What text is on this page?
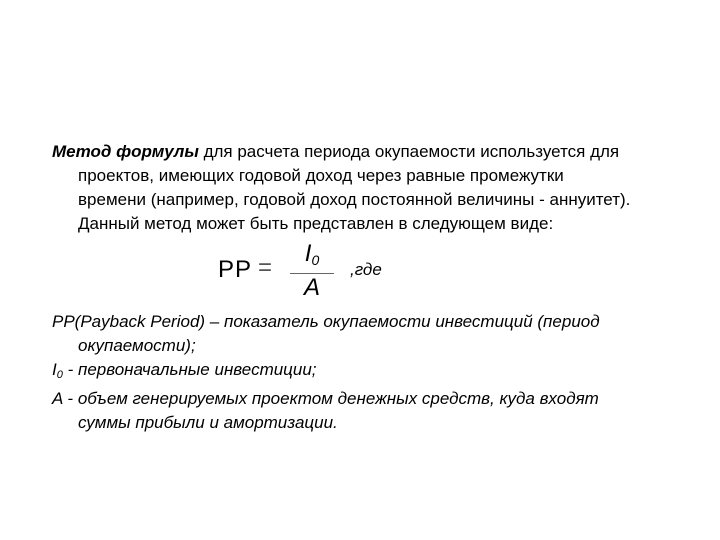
Метод формулы для расчета периода окупаемости используется для
проектов, имеющих годовой доход через равные промежутки
времени (например, годовой доход постоянной величины - аннуитет).
Данный метод может быть представлен в следующем виде:
PP =
$I_0$
A
,где
PP(Payback Period) – показатель окупаемости инвестиций (период
окупаемости);
I0 - первоначальные инвестиции;
A - объем генерируемых проектом денежных средств, куда входят
суммы прибыли и амортизации.
